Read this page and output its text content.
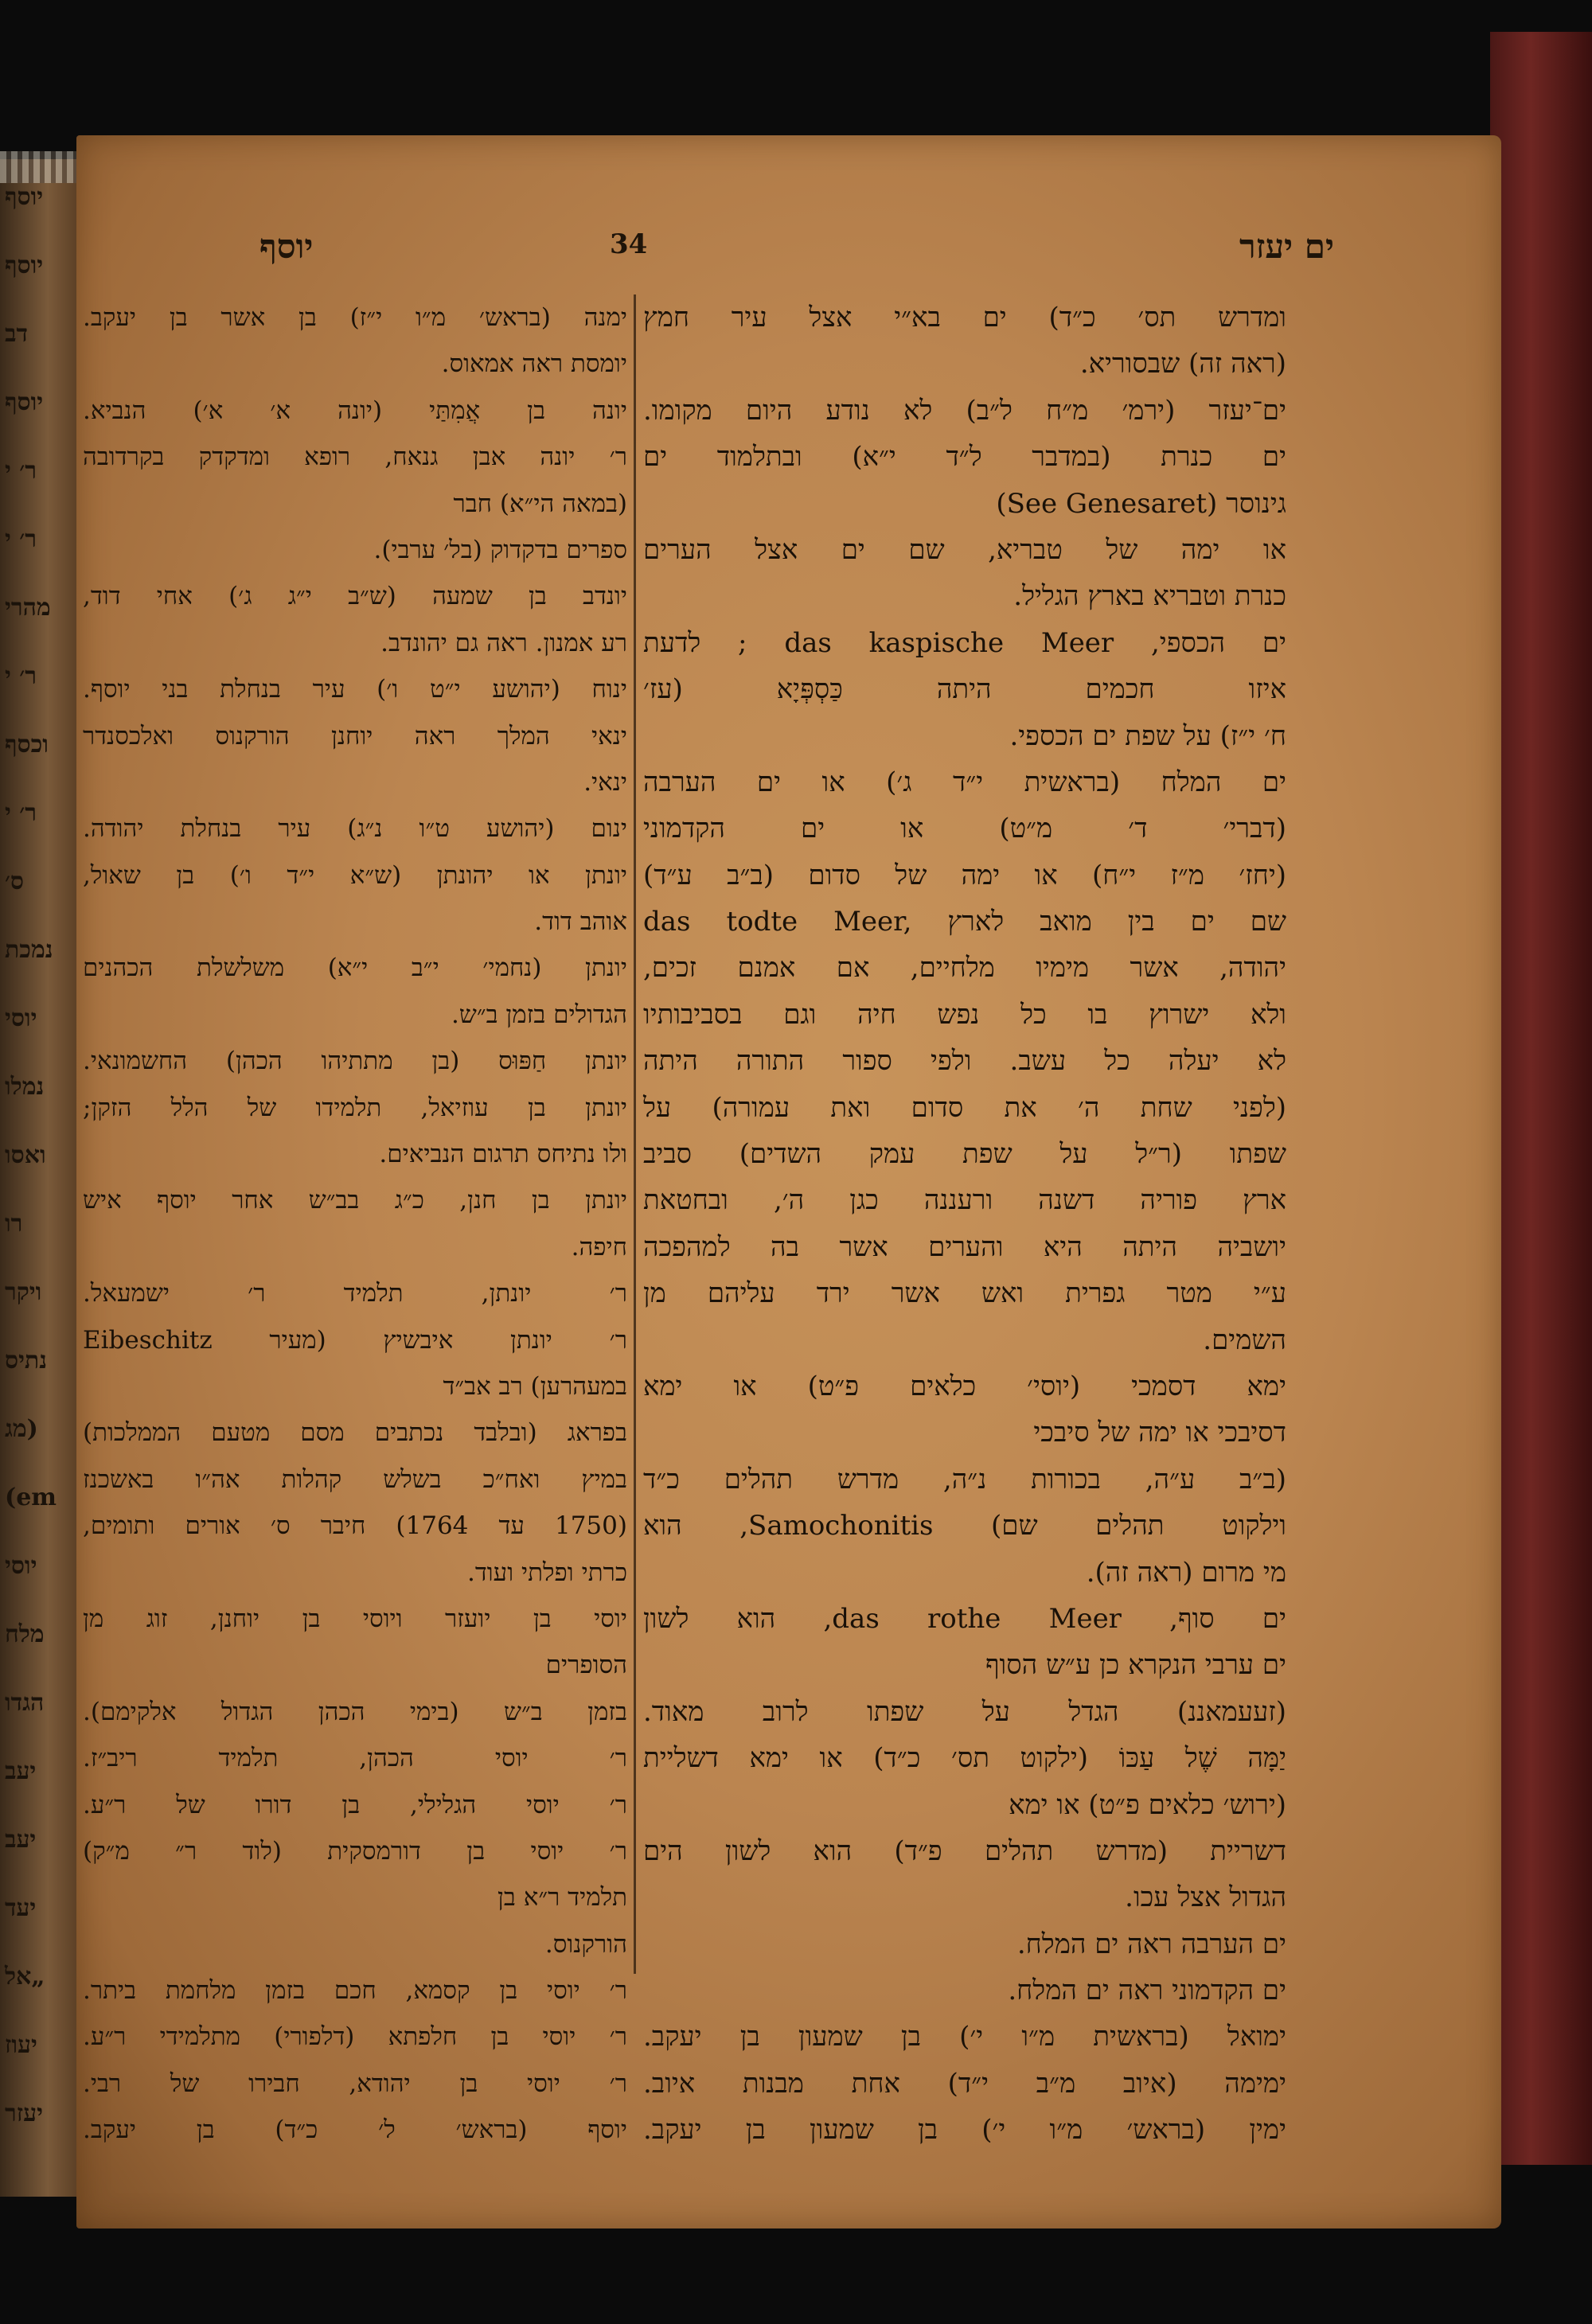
יוסף
יוסף
דב
יוסף
ר׳ י
ר׳ י
מהרי
ר׳ י
וכסף
ר׳ י
ס׳
נמכת
יוסי
נמלו
ואסו
רו
ויקר
נתיס
(מג
em)
יוסי
מלח
הגדו
יעב
יעב
יעד
„אל
יעוז
יעזר
ים יעזר
34
יוסף
ומדרש תס׳ כ״ד) ים בא״י אצל עיר חמץ
(ראה זה) שבסוריא.
ים־יעזר (ירמ׳ מ״ח ל״ב) לא נודע היום מקומו.
ים כנרת (במדבר ל״ד י״א) ובתלמוד ים
(See Genesaret) גינוסר
או ימה של טבריא, שם ים אצל הערים
כנרת וטבריא בארץ הגליל.
ים הכספי, das kaspische Meer ; לדעת
איזו חכמים היתה כַּסְפְּיָא (עז׳
ח׳ י״ז) על שפת ים הכספי.
ים המלח (בראשית י״ד ג׳) או ים הערבה
(דברי׳ ד׳ מ״ט) או ים הקדמוני
(יחז׳ מ״ז י״ח) או ימה של סדום (ב״ב ע״ד)
das todte Meer, שם ים בין מואב לארץ
יהודה, אשר מימיו מלחיים, אם אמנם זכים,
ולא ישרוץ בו כל נפש חיה וגם בסביבותיו
לא יעלה כל עשב. ולפי ספור התורה היתה
(לפני שחת ה׳ את סדום ואת עמורה) על
שפתו (ר״ל על שפת עמק השדים) סביב
ארץ פוריה דשנה ורעננה כגן ה׳, ובחטאת
יושביה היתה היא והערים אשר בה למהפכה
ע״י מטר גפרית ואש אשר ירד עליהם מן
השמים.
ימא דסמכי (יוסי׳ כלאים פ״ט) או ימא
דסיבכי או ימה של סיבכי
(ב״ב ע״ה, בכורות נ״ה, מדרש תהלים כ״ד
וילקוט תהלים שם) Samochonitis, הוא
מי מרום (ראה זה).
ים סוף, das rothe Meer, הוא לשון
ים ערבי הנקרא כן ע״ש הסוף
(זעעמאננ) הגדל על שפתו לרוב מאוד.
יַמָּה שֶׁל עַכּוֹ (ילקוט תס׳ כ״ד) או ימא דשליית
(ירוש׳ כלאים פ״ט) או ימא
דשריית (מדרש תהלים פ״ד) הוא לשון הים
הגדול אצל עכו.
ים הערבה ראה ים המלח.
ים הקדמוני ראה ים המלח.
ימואל (בראשית מ״ו י׳) בן שמעון בן יעקב.
ימימה (איוב מ״ב י״ד) אחת מבנות איוב.
ימין (בראש׳ מ״ו י׳) בן שמעון בן יעקב.
ימנה (בראש׳ מ״ו י״ז) בן אשר בן יעקב.
יומסת ראה אמאוס.
יונה בן אֲמִתַּי (יונה א׳ א׳) הנביא.
ר׳ יונה אבן גנאח, רופא ומדקדק בקרדובה
(במאה הי״א) חבר
ספרים בדקדוק (בל׳ ערבי).
יונדב בן שמעה (ש״ב י״ג ג׳) אחי דוד,
רע אמנון. ראה גם יהונדב.
ינוח (יהושע י״ט ו׳) עיר בנחלת בני יוסף.
ינאי המלך ראה יוחנן הורקנוס ואלכסנדר
ינאי.
ינום (יהושע ט״ו נ״ג) עיר בנחלת יהודה.
יונתן או יהונתן (ש״א י״ד ו׳) בן שאול,
אוהב דוד.
יונתן (נחמי׳ י״ב י״א) משלשלת הכהנים
הגדולים בזמן ב״ש.
יונתן חַפּוּס (בן מתתיהו הכהן) החשמונאי.
יונתן בן עוזיאל, תלמידו של הלל הזקן;
ולו נתיחס תרגום הנביאים.
יונתן בן חנן, כ״ג בב״ש אחר יוסף איש
חיפה.
ר׳ יונתן, תלמיד ר׳ ישמעאל.
ר׳ יונתן איבשיץ (מעיר Eibeschitz
במעהרען) רב אב״ד
בפראג (ובלבד נכתבים מסם מטעם הממלכות)
במיץ ואח״כ בשלש קהלות אה״ו באשכנז
(1750 עד 1764) חיבר ס׳ אורים ותומים,
כרתי ופלתי ועוד.
יוסי בן יועזר ויוסי בן יוחנן, זוג מן
הסופרים
בזמן ב״ש (בימי הכהן הגדול אלקימם).
ר׳ יוסי הכהן, תלמיד ריב״ז.
ר׳ יוסי הגלילי, בן דורו של ר״ע.
ר׳ יוסי בן דורמסקית (לוד ר״ מ״ק)
תלמיד ר״א בן
הורקנוס.
ר׳ יוסי בן קסמא, חכם בזמן מלחמת ביתר.
ר׳ יוסי בן חלפתא (דלפורי) מתלמידי ר״ע.
ר׳ יוסי בן יהודא, חבירו של רבי.
יוסף (בראש׳ ל׳ כ״ד) בן יעקב.
